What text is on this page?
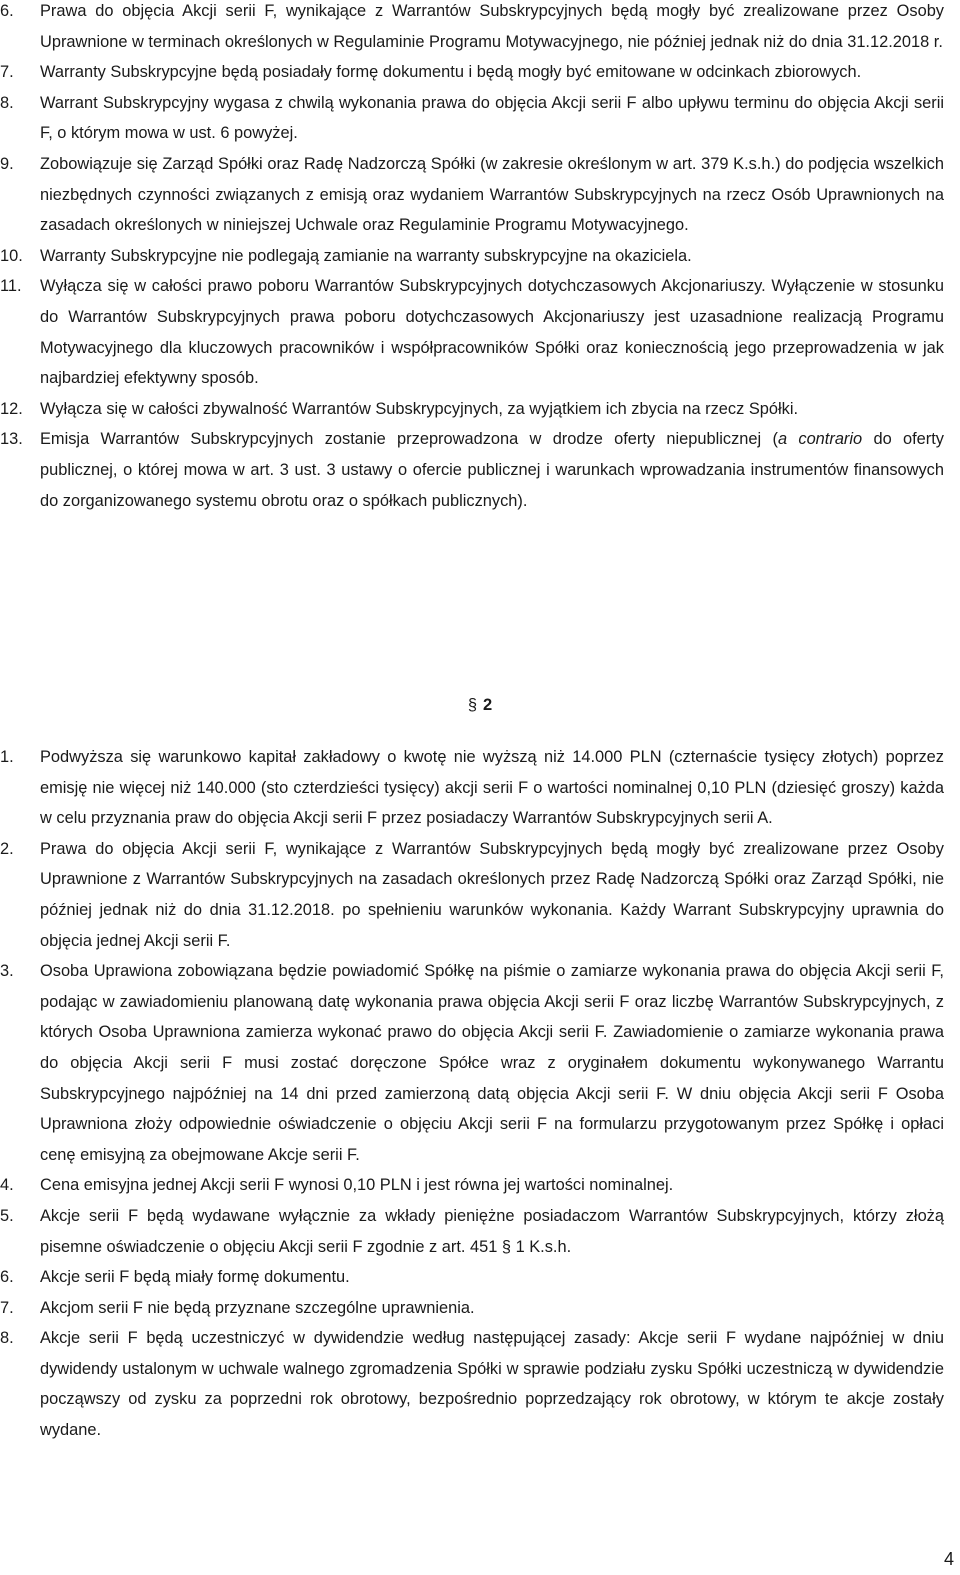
6. Prawa do objęcia Akcji serii F, wynikające z Warrantów Subskrypcyjnych będą mogły być zrealizowane przez Osoby Uprawnione w terminach określonych w Regulaminie Programu Motywacyjnego, nie później jednak niż do dnia 31.12.2018 r.
7. Warranty Subskrypcyjne będą posiadały formę dokumentu i będą mogły być emitowane w odcinkach zbiorowych.
8. Warrant Subskrypcyjny wygasa z chwilą wykonania prawa do objęcia Akcji serii F albo upływu terminu do objęcia Akcji serii F, o którym mowa w ust. 6 powyżej.
9. Zobowiązuje się Zarząd Spółki oraz Radę Nadzorczą Spółki (w zakresie określonym w art. 379 K.s.h.) do podjęcia wszelkich niezbędnych czynności związanych z emisją oraz wydaniem Warrantów Subskrypcyjnych na rzecz Osób Uprawnionych na zasadach określonych w niniejszej Uchwale oraz Regulaminie Programu Motywacyjnego.
10. Warranty Subskrypcyjne nie podlegają zamianie na warranty subskrypcyjne na okaziciela.
11. Wyłącza się w całości prawo poboru Warrantów Subskrypcyjnych dotychczasowych Akcjonariuszy. Wyłączenie w stosunku do Warrantów Subskrypcyjnych prawa poboru dotychczasowych Akcjonariuszy jest uzasadnione realizacją Programu Motywacyjnego dla kluczowych pracowników i współpracowników Spółki oraz koniecznością jego przeprowadzenia w jak najbardziej efektywny sposób.
12. Wyłącza się w całości zbywalność Warrantów Subskrypcyjnych, za wyjątkiem ich zbycia na rzecz Spółki.
13. Emisja Warrantów Subskrypcyjnych zostanie przeprowadzona w drodze oferty niepublicznej (a contrario do oferty publicznej, o której mowa w art. 3 ust. 3 ustawy o ofercie publicznej i warunkach wprowadzania instrumentów finansowych do zorganizowanego systemu obrotu oraz o spółkach publicznych).
§ 2
1. Podwyższa się warunkowo kapitał zakładowy o kwotę nie wyższą niż 14.000 PLN (czternaście tysięcy złotych) poprzez emisję nie więcej niż 140.000 (sto czterdzieści tysięcy) akcji serii F o wartości nominalnej 0,10 PLN (dziesięć groszy) każda w celu przyznania praw do objęcia Akcji serii F przez posiadaczy Warrantów Subskrypcyjnych serii A.
2. Prawa do objęcia Akcji serii F, wynikające z Warrantów Subskrypcyjnych będą mogły być zrealizowane przez Osoby Uprawnione z Warrantów Subskrypcyjnych na zasadach określonych przez Radę Nadzorczą Spółki oraz Zarząd Spółki, nie później jednak niż do dnia 31.12.2018. po spełnieniu warunków wykonania. Każdy Warrant Subskrypcyjny uprawnia do objęcia jednej Akcji serii F.
3. Osoba Uprawiona zobowiązana będzie powiadomić Spółkę na piśmie o zamiarze wykonania prawa do objęcia Akcji serii F, podając w zawiadomieniu planowaną datę wykonania prawa objęcia Akcji serii F oraz liczbę Warrantów Subskrypcyjnych, z których Osoba Uprawniona zamierza wykonać prawo do objęcia Akcji serii F. Zawiadomienie o zamiarze wykonania prawa do objęcia Akcji serii F musi zostać doręczone Spółce wraz z oryginałem dokumentu wykonywanego Warrantu Subskrypcyjnego najpóźniej na 14 dni przed zamierzoną datą objęcia Akcji serii F. W dniu objęcia Akcji serii F Osoba Uprawniona złoży odpowiednie oświadczenie o objęciu Akcji serii F na formularzu przygotowanym przez Spółkę i opłaci cenę emisyjną za obejmowane Akcje serii F.
4. Cena emisyjna jednej Akcji serii F wynosi 0,10 PLN i jest równa jej wartości nominalnej.
5. Akcje serii F będą wydawane wyłącznie za wkłady pieniężne posiadaczom Warrantów Subskrypcyjnych, którzy złożą pisemne oświadczenie o objęciu Akcji serii F zgodnie z art. 451 § 1 K.s.h.
6. Akcje serii F będą miały formę dokumentu.
7. Akcjom serii F nie będą przyznane szczególne uprawnienia.
8. Akcje serii F będą uczestniczyć w dywidendzie według następującej zasady: Akcje serii F wydane najpóźniej w dniu dywidendy ustalonym w uchwale walnego zgromadzenia Spółki w sprawie podziału zysku Spółki uczestniczą w dywidendzie począwszy od zysku za poprzedni rok obrotowy, bezpośrednio poprzedzający rok obrotowy, w którym te akcje zostały wydane.
4
